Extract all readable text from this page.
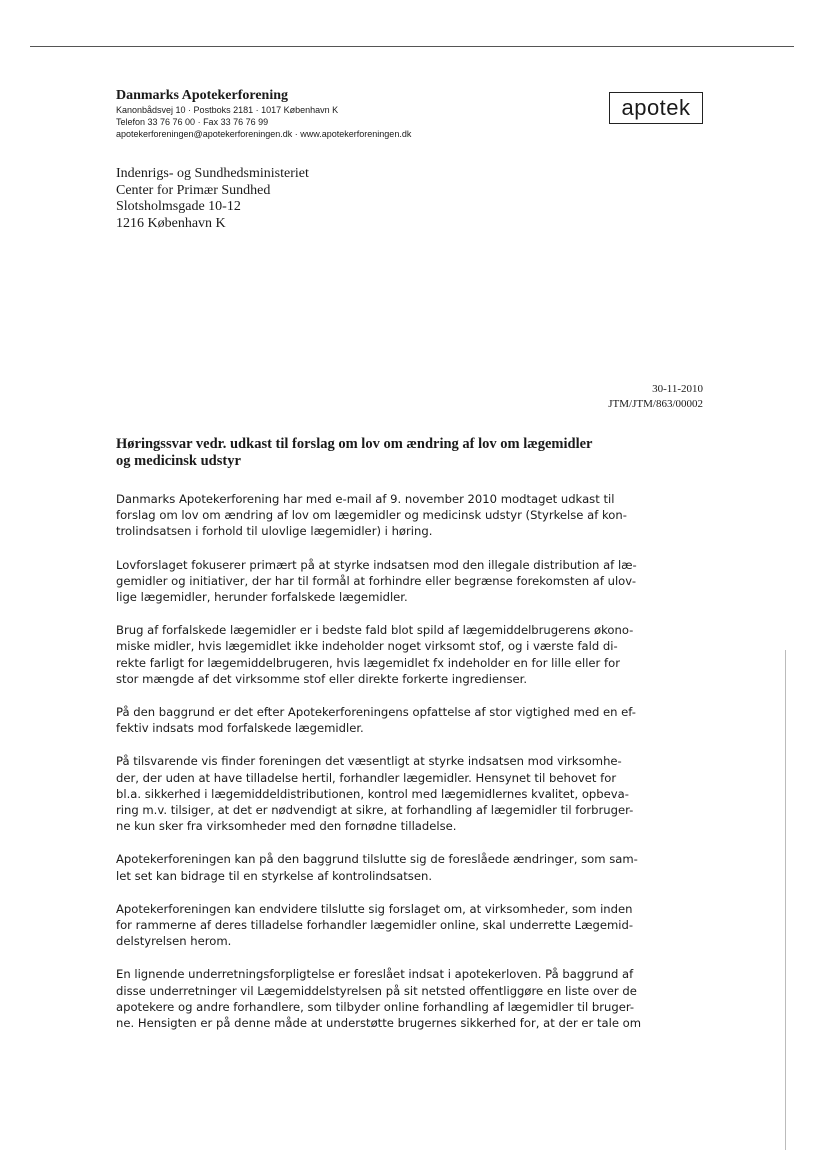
Danmarks Apotekerforening
Kanonbådsvej 10 · Postboks 2181 · 1017 København K
Telefon 33 76 76 00 · Fax 33 76 76 99
apotekerforeningen@apotekerforeningen.dk · www.apotekerforeningen.dk
apotek
Indenrigs- og Sundhedsministeriet
Center for Primær Sundhed
Slotsholmsgade 10-12
1216 København K
30-11-2010
JTM/JTM/863/00002
Høringssvar vedr. udkast til forslag om lov om ændring af lov om lægemidler
og medicinsk udstyr
Danmarks Apotekerforening har med e-mail af 9. november 2010 modtaget udkast til
forslag om lov om ændring af lov om lægemidler og medicinsk udstyr (Styrkelse af kon-
trolindsatsen i forhold til ulovlige lægemidler) i høring.
Lovforslaget fokuserer primært på at styrke indsatsen mod den illegale distribution af læ-
gemidler og initiativer, der har til formål at forhindre eller begrænse forekomsten af ulov-
lige lægemidler, herunder forfalskede lægemidler.
Brug af forfalskede lægemidler er i bedste fald blot spild af lægemiddelbrugerens økono-
miske midler, hvis lægemidlet ikke indeholder noget virksomt stof, og i værste fald di-
rekte farligt for lægemiddelbrugeren, hvis lægemidlet fx indeholder en for lille eller for
stor mængde af det virksomme stof eller direkte forkerte ingredienser.
På den baggrund er det efter Apotekerforeningens opfattelse af stor vigtighed med en ef-
fektiv indsats mod forfalskede lægemidler.
På tilsvarende vis finder foreningen det væsentligt at styrke indsatsen mod virksomhe-
der, der uden at have tilladelse hertil, forhandler lægemidler. Hensynet til behovet for
bl.a. sikkerhed i lægemiddeldistributionen, kontrol med lægemidlernes kvalitet, opbeva-
ring m.v. tilsiger, at det er nødvendigt at sikre, at forhandling af lægemidler til forbruger-
ne kun sker fra virksomheder med den fornødne tilladelse.
Apotekerforeningen kan på den baggrund tilslutte sig de foreslåede ændringer, som sam-
let set kan bidrage til en styrkelse af kontrolindsatsen.
Apotekerforeningen kan endvidere tilslutte sig forslaget om, at virksomheder, som inden
for rammerne af deres tilladelse forhandler lægemidler online, skal underrette Lægemid-
delstyrelsen herom.
En lignende underretningsforpligtelse er foreslået indsat i apotekerloven. På baggrund af
disse underretninger vil Lægemiddelstyrelsen på sit netsted offentliggøre en liste over de
apotekere og andre forhandlere, som tilbyder online forhandling af lægemidler til bruger-
ne. Hensigten er på denne måde at understøtte brugernes sikkerhed for, at der er tale om
